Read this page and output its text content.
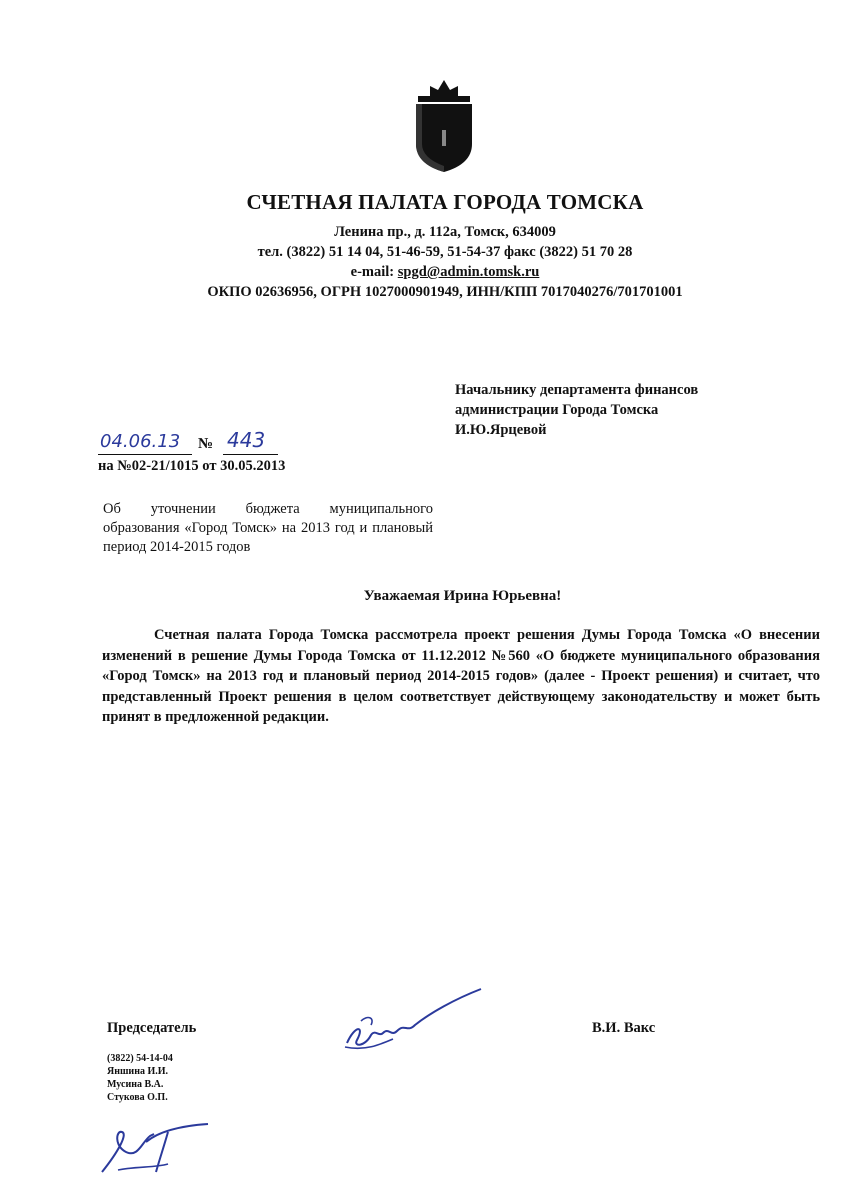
СЧЕТНАЯ ПАЛАТА ГОРОДА ТОМСКА
Ленина пр., д. 112а, Томск, 634009
тел. (3822) 51 14 04, 51-46-59, 51-54-37 факс (3822) 51 70 28
e-mail: spgd@admin.tomsk.ru
ОКПО 02636956, ОГРН 1027000901949, ИНН/КПП 7017040276/701701001
Начальнику департамента финансов
администрации Города Томска
И.Ю.Ярцевой
04.06.13 № 443
на №02-21/1015 от 30.05.2013
Об уточнении бюджета муниципального образования «Город Томск» на 2013 год и плановый период 2014-2015 годов
Уважаемая Ирина Юрьевна!
Счетная палата Города Томска рассмотрела проект решения Думы Города Томска «О внесении изменений в решение Думы Города Томска от 11.12.2012 №560 «О бюджете муниципального образования «Город Томск» на 2013 год и плановый период 2014-2015 годов» (далее - Проект решения) и считает, что представленный Проект решения в целом соответствует действующему законодательству и может быть принят в предложенной редакции.
Председатель	В.И. Вакс
(3822) 54-14-04
Яншина И.И.
Мусина В.А.
Стукова О.П.
